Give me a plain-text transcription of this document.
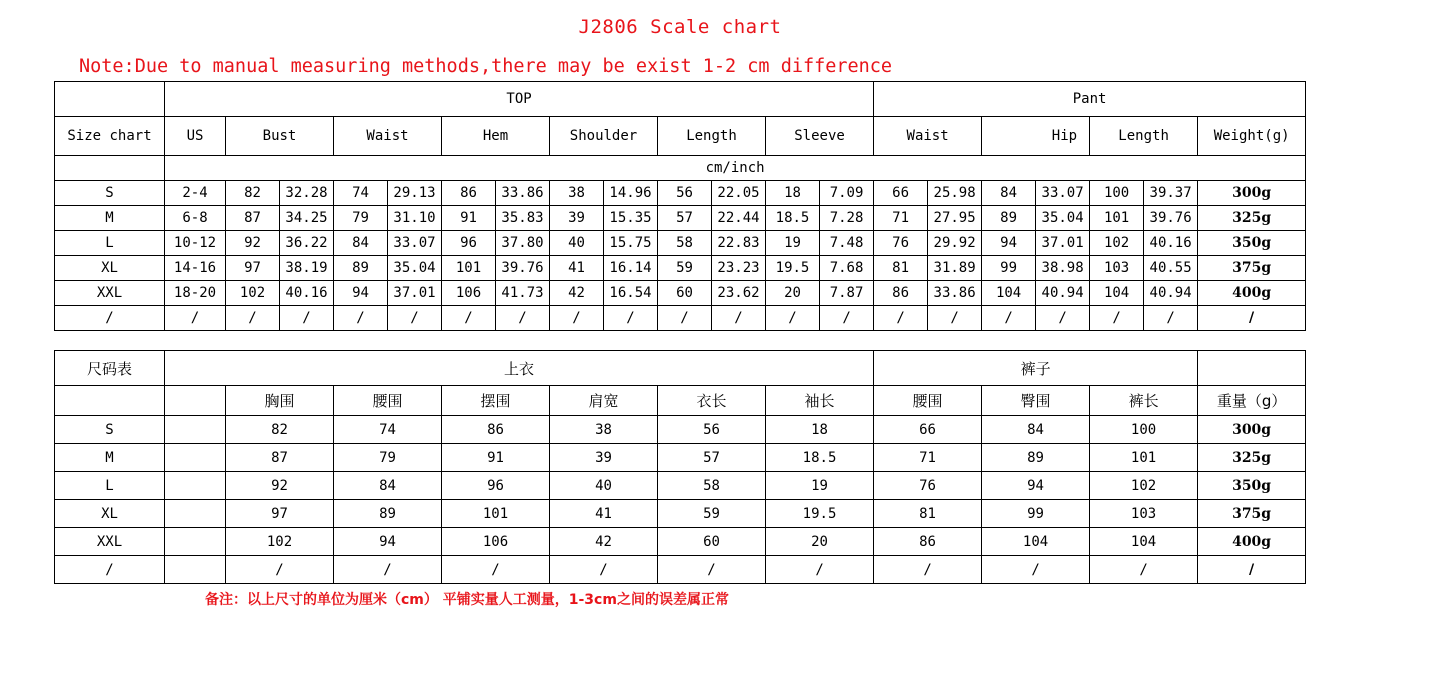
J2806 Scale chart
Note:Due to manual measuring methods,there may be exist 1-2 cm difference
	TOP													Pant						
Size chart	US	Bust		Waist		Hem		Shoulder		Length		Sleeve		Waist		Hip		Length		Weight(g)
	cm/inch																			
S	2-4	82	32.28	74	29.13	86	33.86	38	14.96	56	22.05	18	7.09	66	25.98	84	33.07	100	39.37	300g
M	6-8	87	34.25	79	31.10	91	35.83	39	15.35	57	22.44	18.5	7.28	71	27.95	89	35.04	101	39.76	325g
L	10-12	92	36.22	84	33.07	96	37.80	40	15.75	58	22.83	19	7.48	76	29.92	94	37.01	102	40.16	350g
XL	14-16	97	38.19	89	35.04	101	39.76	41	16.14	59	23.23	19.5	7.68	81	31.89	99	38.98	103	40.55	375g
XXL	18-20	102	40.16	94	37.01	106	41.73	42	16.54	60	23.62	20	7.87	86	33.86	104	40.94	104	40.94	400g
/	/	/	/	/	/	/	/	/	/	/	/	/	/	/	/	/	/	/	/	/
尺码表	上衣							裤子			
		胸围	腰围	摆围	肩宽	衣长	袖长	腰围	臀围	裤长	重量（g）
S		82	74	86	38	56	18	66	84	100	300g
M		87	79	91	39	57	18.5	71	89	101	325g
L		92	84	96	40	58	19	76	94	102	350g
XL		97	89	101	41	59	19.5	81	99	103	375g
XXL		102	94	106	42	60	20	86	104	104	400g
/		/	/	/	/	/	/	/	/	/	/
备注：以上尺寸的单位为厘米（cm） 平铺实量人工测量，1-3cm之间的误差属正常
